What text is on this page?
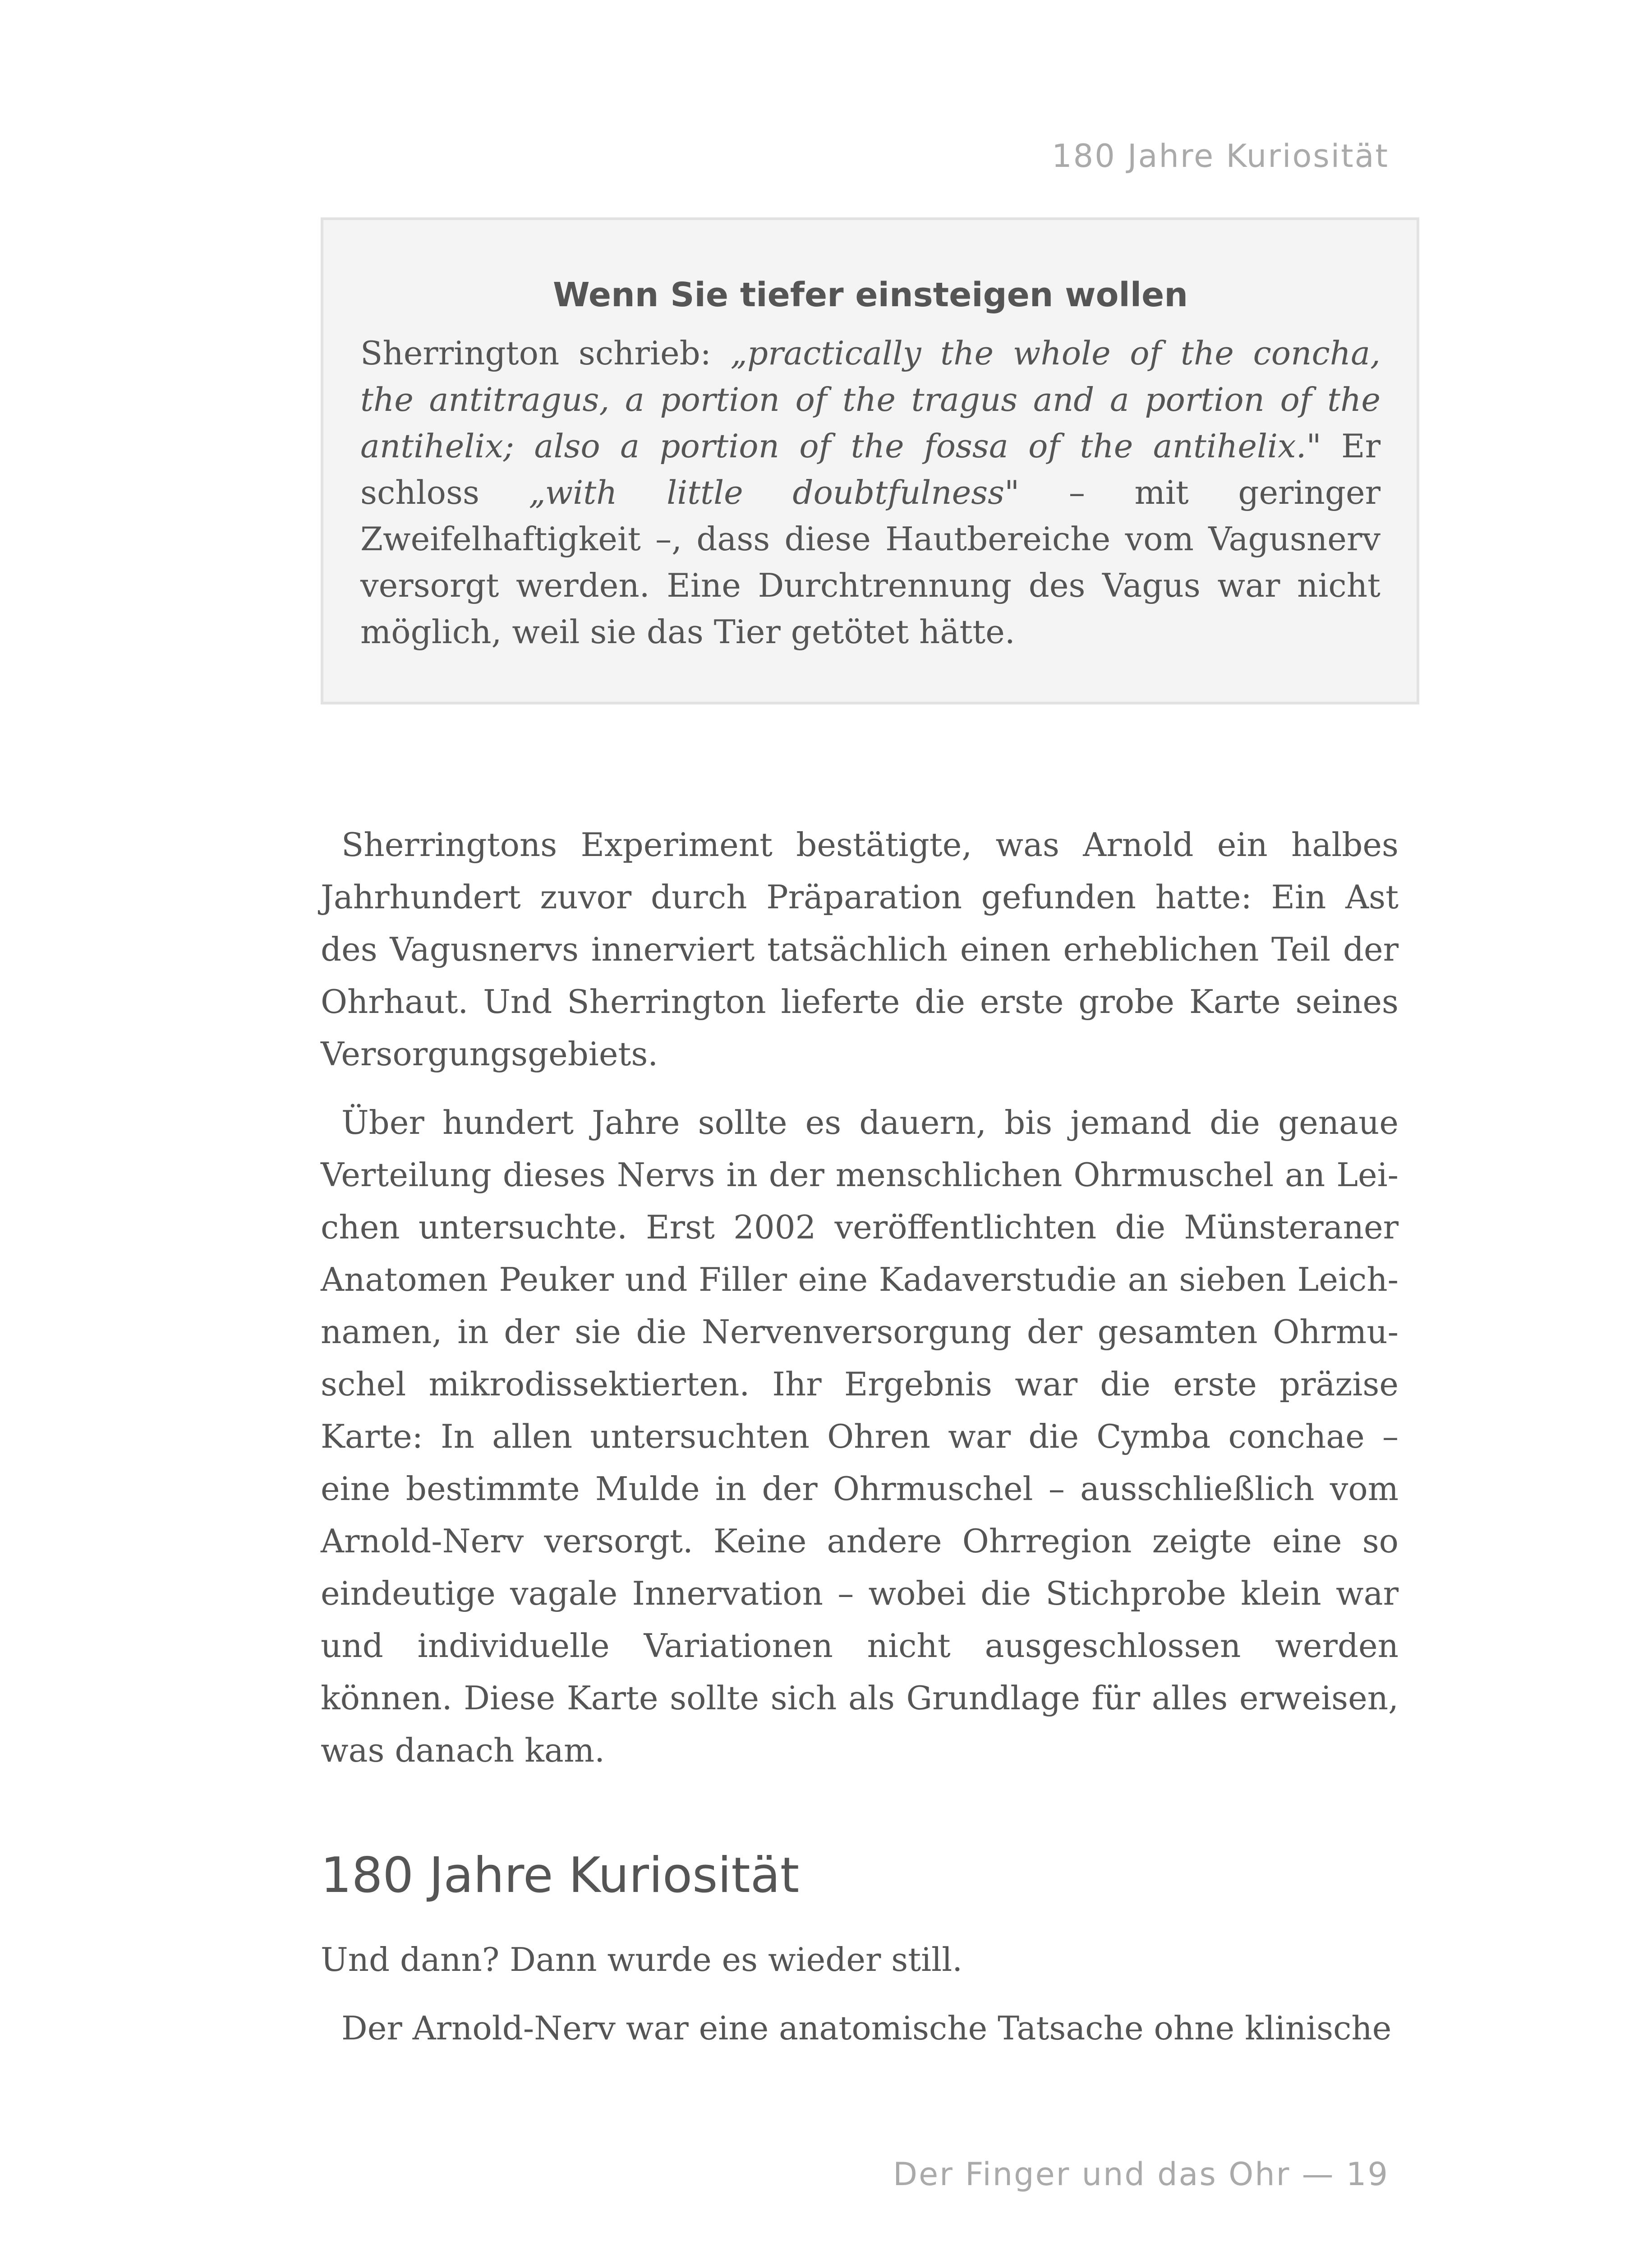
180 Jahre Kuriosität
Wenn Sie tiefer einsteigen wollen

Sherrington schrieb: „practically the whole of the concha, the antitragus, a portion of the tragus and a portion of the antihelix; also a portion of the fossa of the antihelix." Er schloss „with little doubtfulness" – mit geringer Zweifelhaftigkeit –, dass diese Hautbereiche vom Vagusnerv versorgt werden. Eine Durchtrennung des Vagus war nicht möglich, weil sie das Tier getötet hätte.

Sherringtons Experiment bestätigte, was Arnold ein halbes Jahrhundert zuvor durch Präparation gefunden hatte: Ein Ast des Vagusnervs innerviert tatsächlich einen erheblichen Teil der Ohrhaut. Und Sherrington lieferte die erste grobe Karte seines Versorgungsgebiets.

Über hundert Jahre sollte es dauern, bis jemand die genaue Verteilung dieses Nervs in der menschlichen Ohrmuschel an Leichen untersuchte. Erst 2002 veröffentlichten die Münsteraner Anatomen Peuker und Filler eine Kadaverstudie an sieben Leichnamen, in der sie die Nervenversorgung der gesamten Ohrmuschel mikrodissektierten. Ihr Ergebnis war die erste präzise Karte: In allen untersuchten Ohren war die Cymba conchae – eine bestimmte Mulde in der Ohrmuschel – ausschließlich vom Arnold-Nerv versorgt. Keine andere Ohrregion zeigte eine so eindeutige vagale Innervation – wobei die Stichprobe klein war und individuelle Variationen nicht ausgeschlossen werden können. Diese Karte sollte sich als Grundlage für alles erweisen, was danach kam.

180 Jahre Kuriosität

Und dann? Dann wurde es wieder still.

Der Arnold-Nerv war eine anatomische Tatsache ohne klinische

Der Finger und das Ohr — 19
